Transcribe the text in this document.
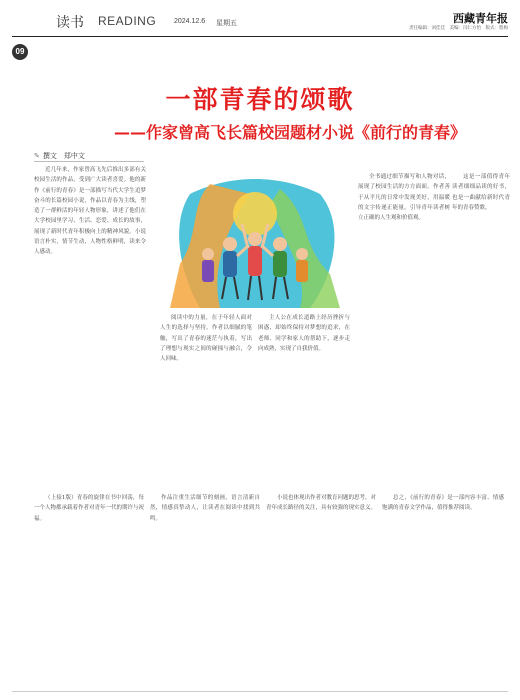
读书 READING	2024.12.6 星期五	西藏青年报
责任编辑：刘佳佳　美编：闫仁方怡　版式：程梅
09
一部青春的颂歌
——作家曾高飞长篇校园题材小说《前行的青春》
✎ 撰文　 郑中文

近几年来，作家曾高飞先后推出多部有关校园生活的作品，受到广大读者喜爱。他的新作《前行的青春》是一部描写当代大学生追梦奋斗的长篇校园小说，作品以青春为主线，塑造了一群鲜活的年轻人物形象，讲述了他们在大学校园里学习、生活、恋爱、成长的故事，展现了新时代青年积极向上的精神风貌。小说语言朴实，情节生动，人物性格鲜明，读来令人感动。

阅读中的力量，在于年轻人面对人生的选择与坚持。作者以细腻的笔触，写出了青春的迷茫与执着，写出了理想与现实之间的碰撞与融合，令人回味。

主人公在成长道路上经历挫折与困惑，却始终保持对梦想的追求，在老师、同学和家人的帮助下，逐步走向成熟，实现了自我价值。

全书通过细节描写和人物对话，展现了校园生活的方方面面。作者善于从平凡的日常中发现美好，用温暖的文字传递正能量，引导青年读者树立正确的人生观和价值观。

这是一部值得青年读者细细品读的好书，也是一曲献给新时代青年的青春赞歌。

（上接1版）青春的旋律在书中回荡，每一个人物都承载着作者对青年一代的期许与祝福。

作品注重生活细节的刻画，语言清新自然，情感真挚动人，让读者在阅读中找到共鸣。

小说也体现出作者对教育问题的思考，对青年成长路径的关注，具有较强的现实意义。

总之，《前行的青春》是一部内容丰富、情感饱满的青春文学作品，值得推荐阅读。
